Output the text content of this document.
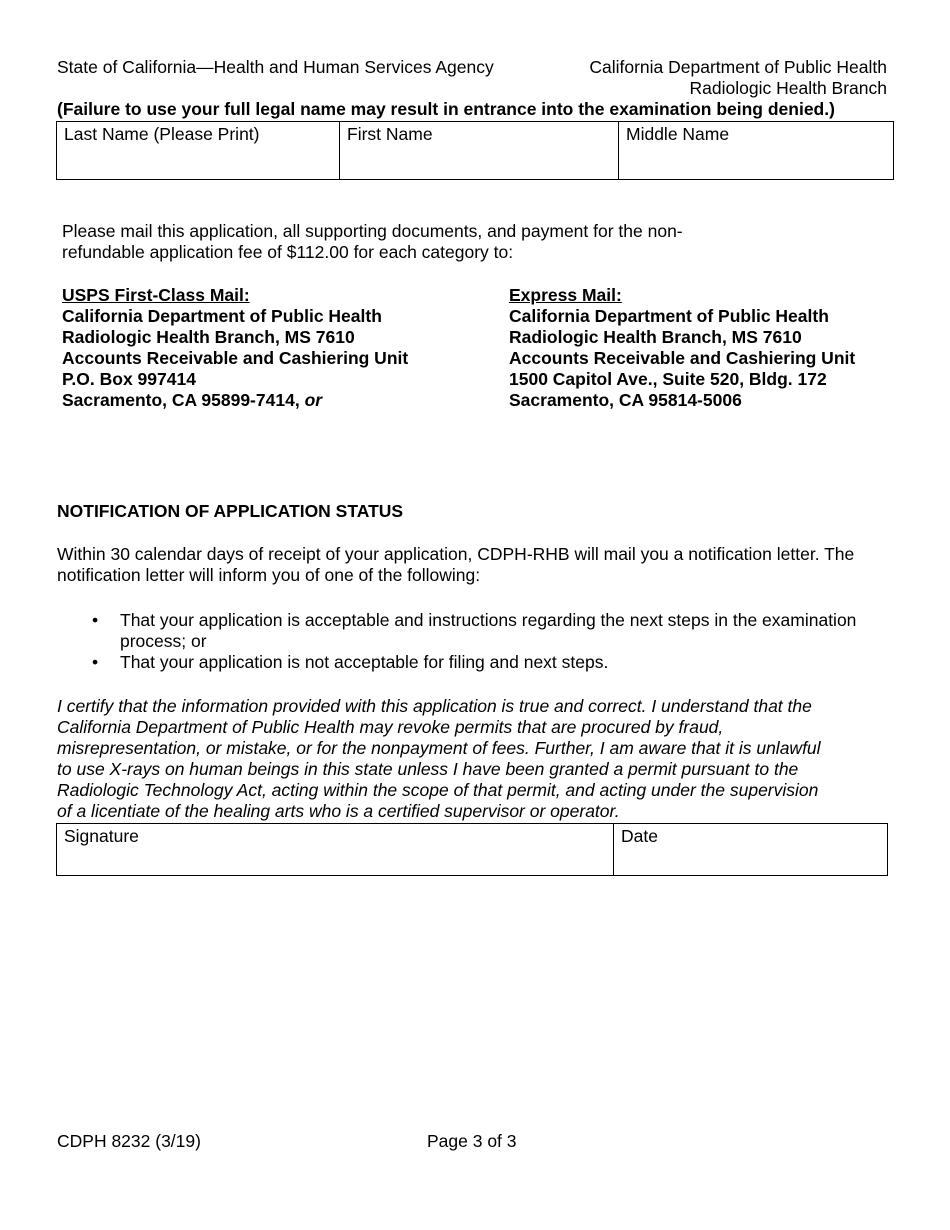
State of California—Health and Human Services Agency	California Department of Public Health
Radiologic Health Branch
(Failure to use your full legal name may result in entrance into the examination being denied.)
Last Name (Please Print)	First Name	Middle Name
Please mail this application, all supporting documents, and payment for the non-
refundable application fee of $112.00 for each category to:
USPS First-Class Mail:
California Department of Public Health
Radiologic Health Branch, MS 7610
Accounts Receivable and Cashiering Unit
P.O. Box 997414
Sacramento, CA 95899-7414, or
Express Mail:
California Department of Public Health
Radiologic Health Branch, MS 7610
Accounts Receivable and Cashiering Unit
1500 Capitol Ave., Suite 520, Bldg. 172
Sacramento, CA 95814-5006
NOTIFICATION OF APPLICATION STATUS
Within 30 calendar days of receipt of your application, CDPH-RHB will mail you a notification letter. The
notification letter will inform you of one of the following:
• That your application is acceptable and instructions regarding the next steps in the examination
process; or
• That your application is not acceptable for filing and next steps.
I certify that the information provided with this application is true and correct. I understand that the
California Department of Public Health may revoke permits that are procured by fraud,
misrepresentation, or mistake, or for the nonpayment of fees. Further, I am aware that it is unlawful
to use X-rays on human beings in this state unless I have been granted a permit pursuant to the
Radiologic Technology Act, acting within the scope of that permit, and acting under the supervision
of a licentiate of the healing arts who is a certified supervisor or operator.
Signature	Date
CDPH 8232 (3/19)	Page 3 of 3
